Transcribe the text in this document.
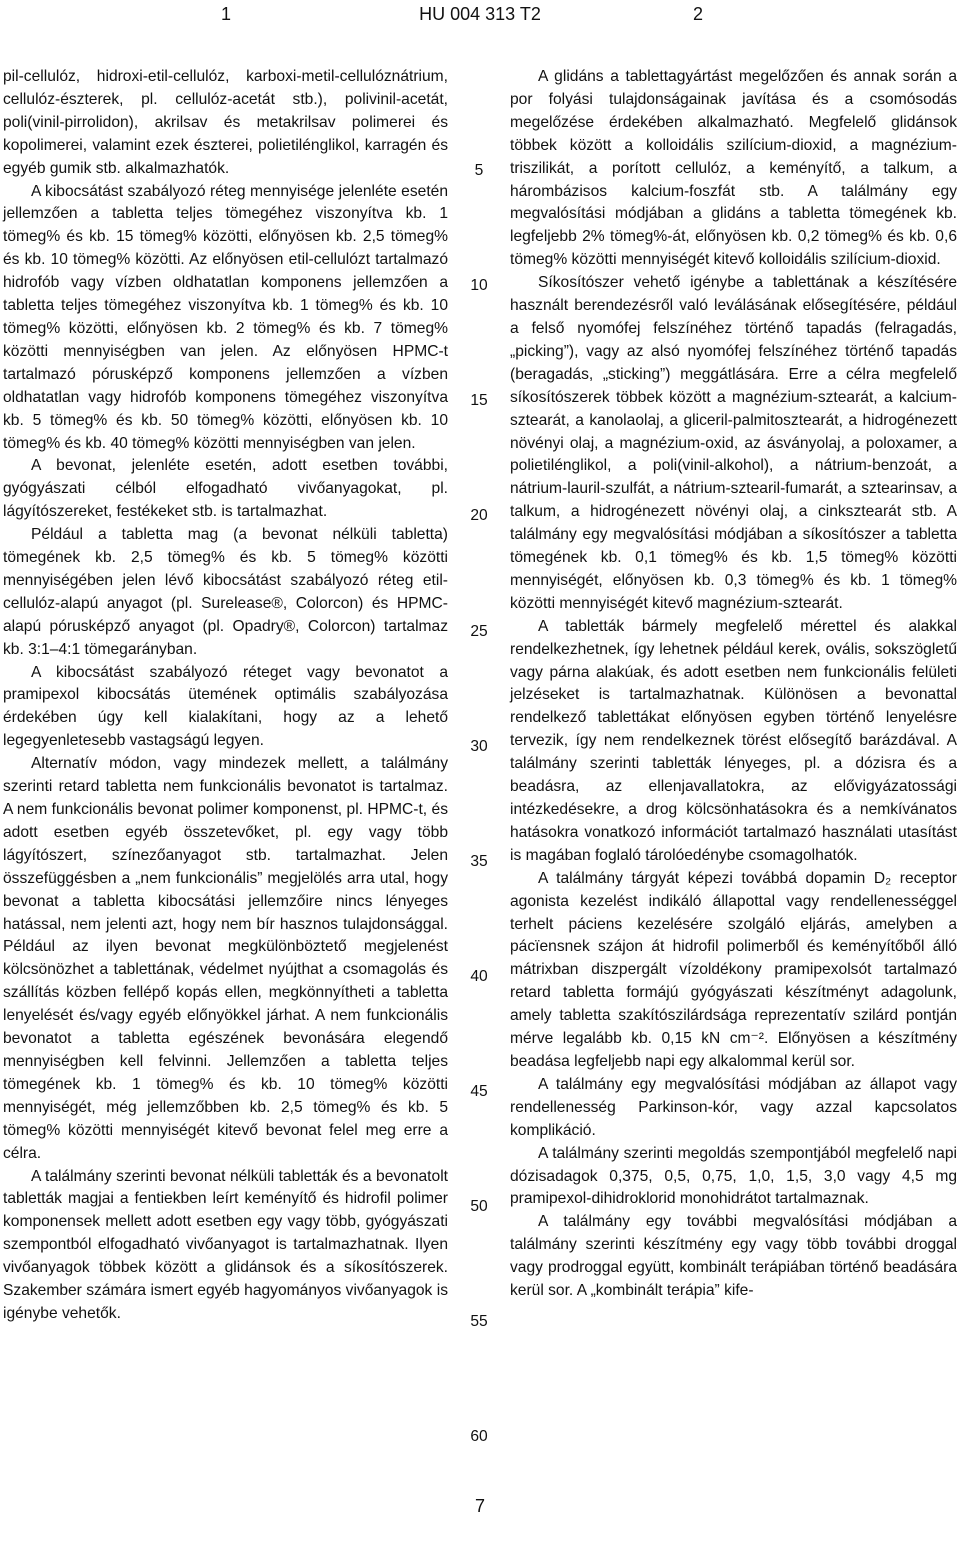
1	HU 004 313 T2	2

pil-cellulóz, hidroxi-etil-cellulóz, karboxi-metil-cellulóznátrium, cellulóz-észterek, pl. cellulóz-acetát stb.), polivinil-acetát, poli(vinil-pirrolidon), akrilsav és metakrilsav polimerei és kopolimerei, valamint ezek észterei, polietilénglikol, karragén és egyéb gumik stb. alkalmazhatók.

A kibocsátást szabályozó réteg mennyisége jelenléte esetén jellemzően a tabletta teljes tömegéhez viszonyítva kb. 1 tömeg% és kb. 15 tömeg% közötti, előnyösen kb. 2,5 tömeg% és kb. 10 tömeg% közötti. Az előnyösen etil-cellulózt tartalmazó hidrofób vagy vízben oldhatatlan komponens jellemzően a tabletta teljes tömegéhez viszonyítva kb. 1 tömeg% és kb. 10 tömeg% közötti, előnyösen kb. 2 tömeg% és kb. 7 tömeg% közötti mennyiségben van jelen. Az előnyösen HPMC-t tartalmazó pórusképző komponens jellemzően a vízben oldhatatlan vagy hidrofób komponens tömegéhez viszonyítva kb. 5 tömeg% és kb. 50 tömeg% közötti, előnyösen kb. 10 tömeg% és kb. 40 tömeg% közötti mennyiségben van jelen.

A bevonat, jelenléte esetén, adott esetben további, gyógyászati célból elfogadható vivőanyagokat, pl. lágyítószereket, festékeket stb. is tartalmazhat.

Például a tabletta mag (a bevonat nélküli tabletta) tömegének kb. 2,5 tömeg% és kb. 5 tömeg% közötti mennyiségében jelen lévő kibocsátást szabályozó réteg etil-cellulóz-alapú anyagot (pl. Surelease®, Colorcon) és HPMC-alapú pórusképző anyagot (pl. Opadry®, Colorcon) tartalmaz kb. 3:1–4:1 tömegarányban.

A kibocsátást szabályozó réteget vagy bevonatot a pramipexol kibocsátás ütemének optimális szabályozása érdekében úgy kell kialakítani, hogy az a lehető legegyenletesebb vastagságú legyen.

Alternatív módon, vagy mindezek mellett, a találmány szerinti retard tabletta nem funkcionális bevonatot is tartalmaz. A nem funkcionális bevonat polimer komponenst, pl. HPMC-t, és adott esetben egyéb összetevőket, pl. egy vagy több lágyítószert, színezőanyagot stb. tartalmazhat. Jelen összefüggésben a „nem funkcionális” megjelölés arra utal, hogy bevonat a tabletta kibocsátási jellemzőire nincs lényeges hatással, nem jelenti azt, hogy nem bír hasznos tulajdonsággal. Például az ilyen bevonat megkülönböztető megjelenést kölcsönözhet a tablettának, védelmet nyújthat a csomagolás és szállítás közben fellépő kopás ellen, megkönnyítheti a tabletta lenyelését és/vagy egyéb előnyökkel járhat. A nem funkcionális bevonatot a tabletta egészének bevonására elegendő mennyiségben kell felvinni. Jellemzően a tabletta teljes tömegének kb. 1 tömeg% és kb. 10 tömeg% közötti mennyiségét, még jellemzőbben kb. 2,5 tömeg% és kb. 5 tömeg% közötti mennyiségét kitevő bevonat felel meg erre a célra.

A találmány szerinti bevonat nélküli tabletták és a bevonatolt tabletták magjai a fentiekben leírt keményítő és hidrofil polimer komponensek mellett adott esetben egy vagy több, gyógyászati szempontból elfogadható vivőanyagot is tartalmazhatnak. Ilyen vivőanyagok többek között a glidánsok és a síkosítószerek. Szakember számára ismert egyéb hagyományos vivőanyagok is igénybe vehetők.

5
10
15
20
25
30
35
40
45
50
55
60

A glidáns a tablettagyártást megelőzően és annak során a por folyási tulajdonságainak javítása és a csomósodás megelőzése érdekében alkalmazható. Megfelelő glidánsok többek között a kolloidális szilícium-dioxid, a magnézium-triszilikát, a porított cellulóz, a keményítő, a talkum, a hárombázisos kalcium-foszfát stb. A találmány egy megvalósítási módjában a glidáns a tabletta tömegének kb. legfeljebb 2% tömeg%-át, előnyösen kb. 0,2 tömeg% és kb. 0,6 tömeg% közötti mennyiségét kitevő kolloidális szilícium-dioxid.

Síkosítószer vehető igénybe a tablettának a készítésére használt berendezésről való leválásának elősegítésére, például a felső nyomófej felszínéhez történő tapadás (felragadás, „picking”), vagy az alsó nyomófej felszínéhez történő tapadás (beragadás, „sticking”) meggátlására. Erre a célra megfelelő síkosítószerek többek között a magnézium-sztearát, a kalcium-sztearát, a kanolaolaj, a gliceril-palmitosztearát, a hidrogénezett növényi olaj, a magnézium-oxid, az ásványolaj, a poloxamer, a polietilénglikol, a poli(vinil-alkohol), a nátrium-benzoát, a nátrium-lauril-szulfát, a nátrium-sztearil-fumarát, a sztearinsav, a talkum, a hidrogénezett növényi olaj, a cinksztearát stb. A találmány egy megvalósítási módjában a síkosítószer a tabletta tömegének kb. 0,1 tömeg% és kb. 1,5 tömeg% közötti mennyiségét, előnyösen kb. 0,3 tömeg% és kb. 1 tömeg% közötti mennyiségét kitevő magnézium-sztearát.

A tabletták bármely megfelelő mérettel és alakkal rendelkezhetnek, így lehetnek például kerek, ovális, sokszögletű vagy párna alakúak, és adott esetben nem funkcionális felületi jelzéseket is tartalmazhatnak. Különösen a bevonattal rendelkező tablettákat előnyösen egyben történő lenyelésre tervezik, így nem rendelkeznek törést elősegítő barázdával. A találmány szerinti tabletták lényeges, pl. a dózisra és a beadásra, az ellenjavallatokra, az elővigyázatossági intézkedésekre, a drog kölcsönhatásokra és a nemkívánatos hatásokra vonatkozó információt tartalmazó használati utasítást is magában foglaló tárolóedénybe csomagolhatók.

A találmány tárgyát képezi továbbá dopamin D₂ receptor agonista kezelést indikáló állapottal vagy rendellenességgel terhelt páciens kezelésére szolgáló eljárás, amelyben a pácïensnek szájon át hidrofil polimerből és keményítőből álló mátrixban diszpergált vízoldékony pramipexolsót tartalmazó retard tabletta formájú gyógyászati készítményt adagolunk, amely tabletta szakítószilárdsága reprezentatív szilárd pontján mérve legalább kb. 0,15 kN cm⁻². Előnyösen a készítmény beadása legfeljebb napi egy alkalommal kerül sor.

A találmány egy megvalósítási módjában az állapot vagy rendellenesség Parkinson-kór, vagy azzal kapcsolatos komplikáció.

A találmány szerinti megoldás szempontjából megfelelő napi dózisadagok 0,375, 0,5, 0,75, 1,0, 1,5, 3,0 vagy 4,5 mg pramipexol-dihidroklorid monohidrátot tartalmaznak.

A találmány egy további megvalósítási módjában a találmány szerinti készítmény egy vagy több további droggal vagy prodroggal együtt, kombinált terápiában történő beadására kerül sor. A „kombinált terápia” kife-

7
